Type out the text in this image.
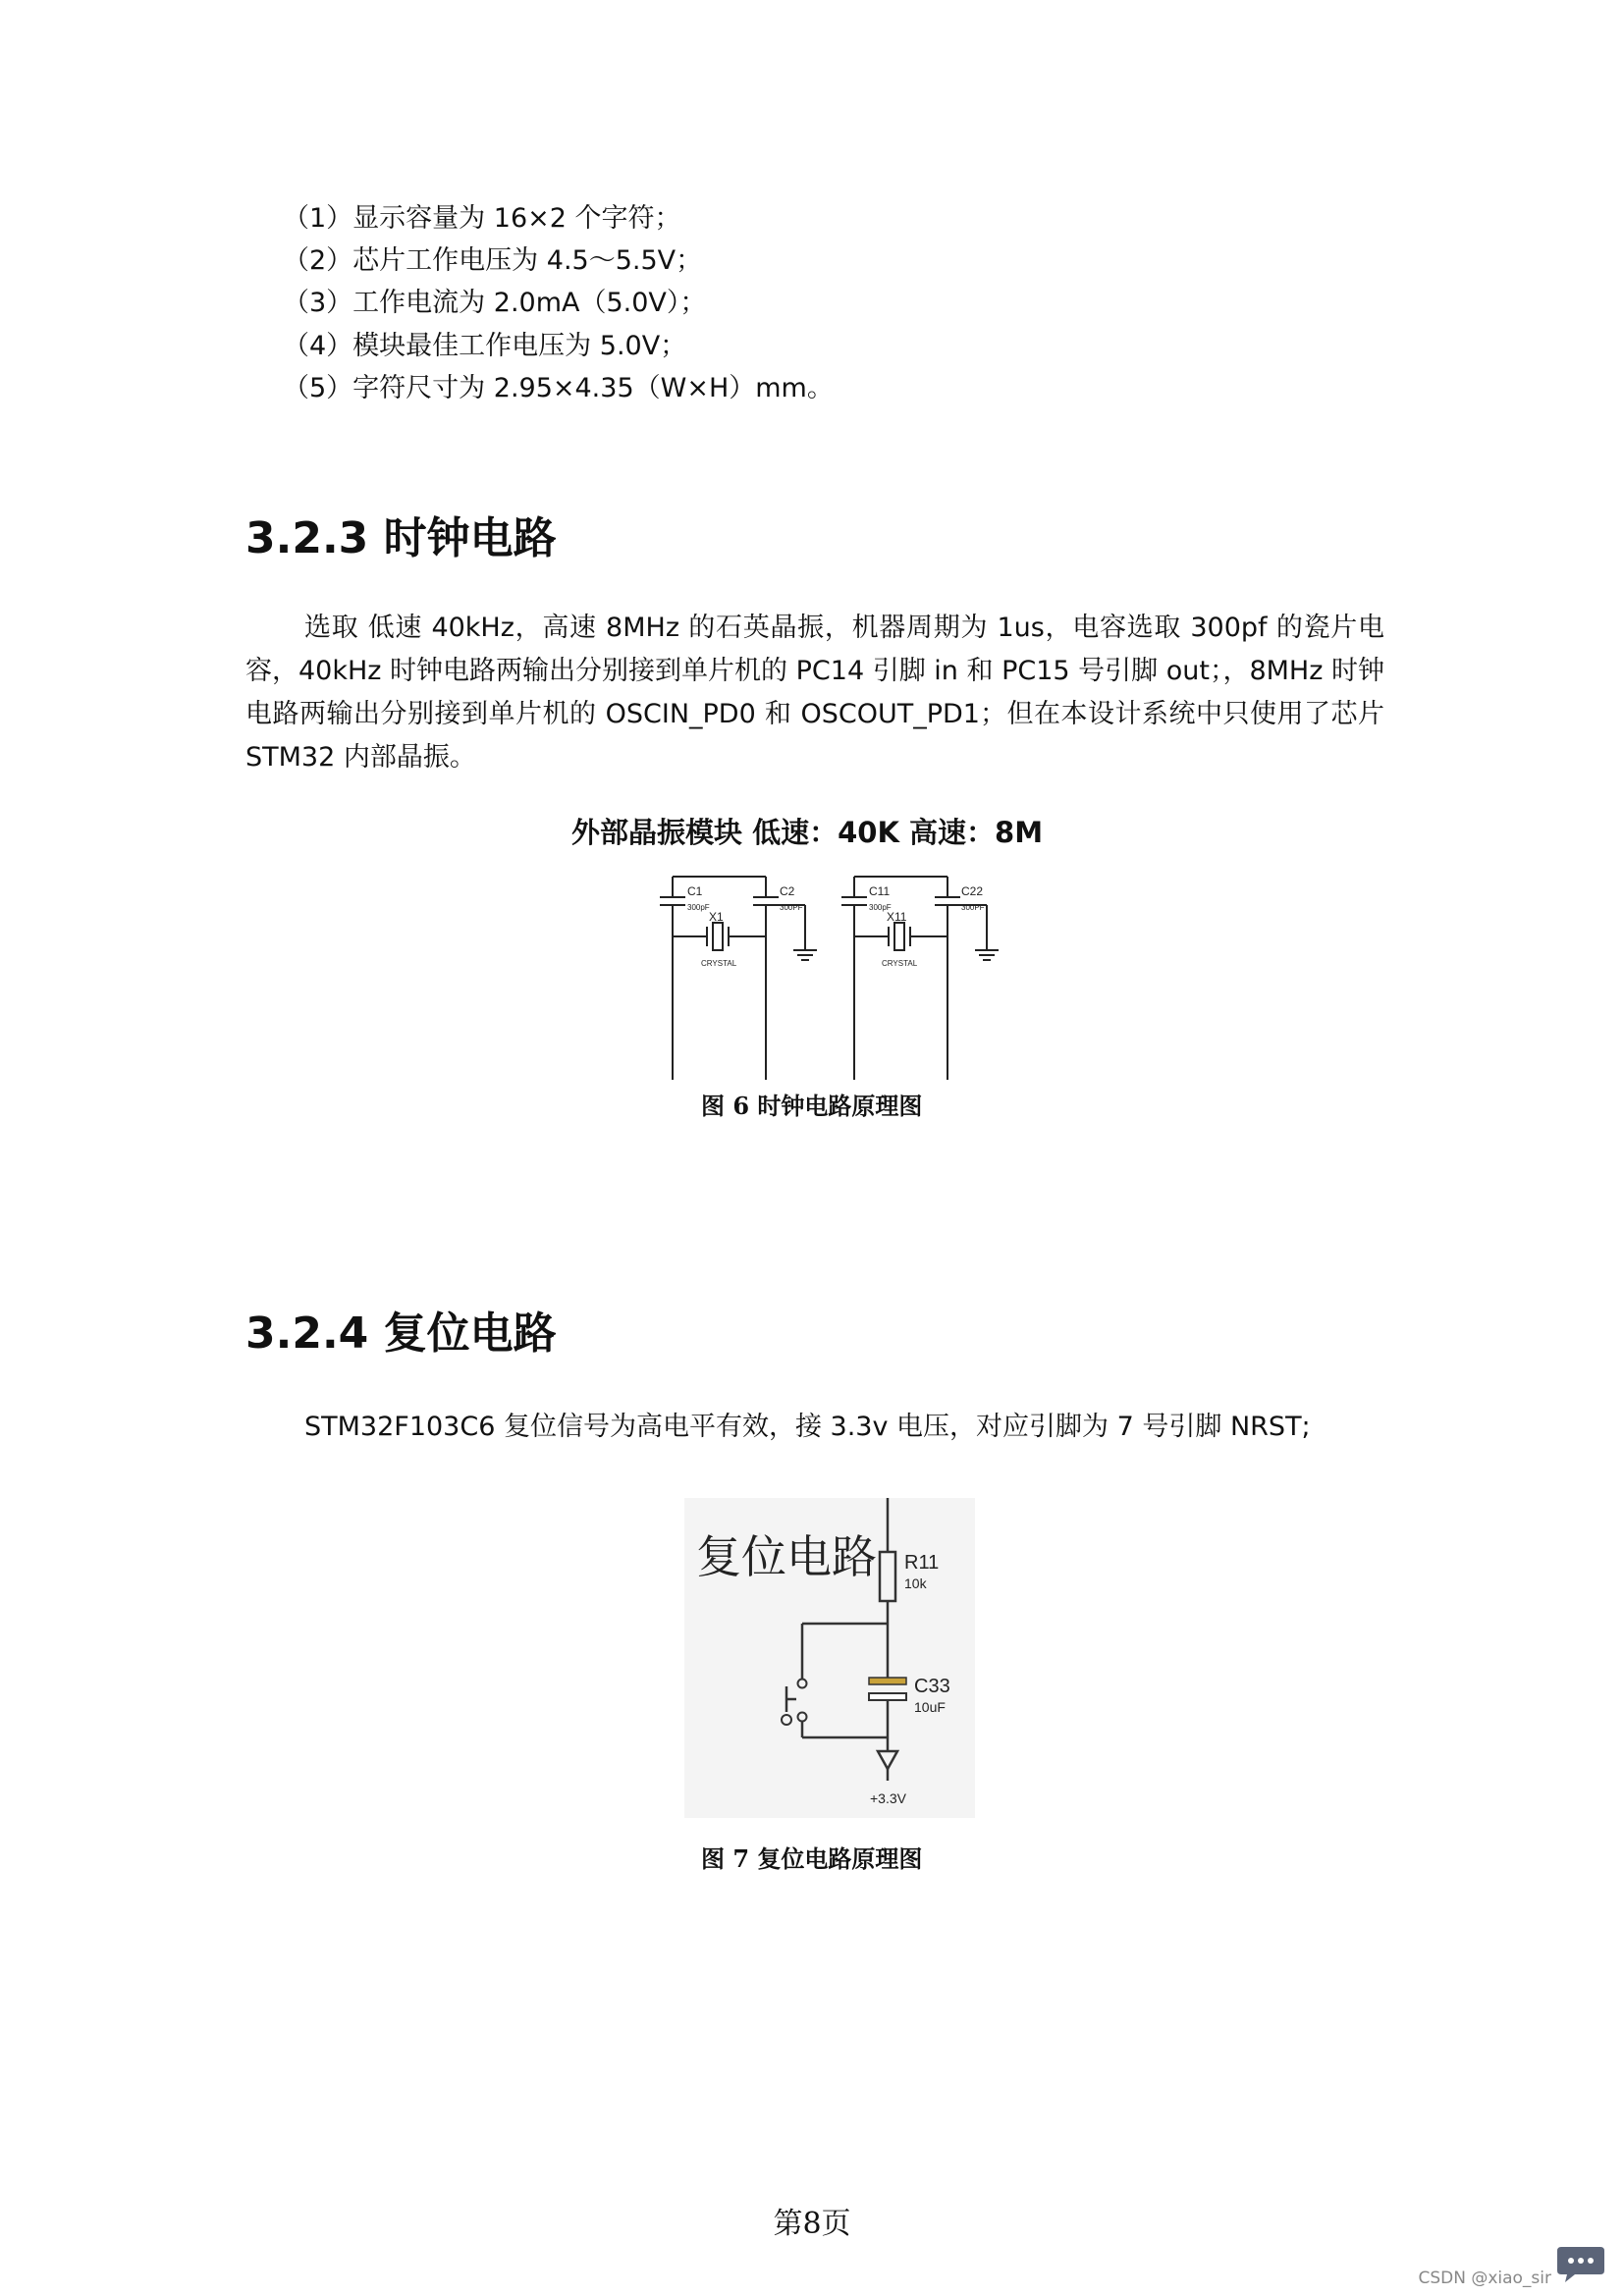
（1）显示容量为 16×2 个字符；
（2）芯片工作电压为 4.5～5.5V；
（3）工作电流为 2.0mA（5.0V）；
（4）模块最佳工作电压为 5.0V；
（5）字符尺寸为 2.95×4.35（W×H）mm。
3.2.3 时钟电路
选取 低速 40kHz，高速 8MHz 的石英晶振，机器周期为 1us，电容选取 300pf 的瓷片电容，40kHz 时钟电路两输出分别接到单片机的 PC14 引脚 in 和 PC15 号引脚 out；，8MHz 时钟电路两输出分别接到单片机的 OSCIN_PD0 和 OSCOUT_PD1；但在本设计系统中只使用了芯片 STM32 内部晶振。
外部晶振模块 低速：40K 高速：8M
C1
300pF
C2
300PF
X1
CRYSTAL
C11
300pF
C22
300PF
X11
CRYSTAL
图 6 时钟电路原理图
3.2.4 复位电路
STM32F103C6 复位信号为高电平有效，接 3.3v 电压，对应引脚为 7 号引脚 NRST;
复位电路 R11
10k
C33
10uF
+3.3V
图 7 复位电路原理图
第8页
CSDN @xiao_sir
